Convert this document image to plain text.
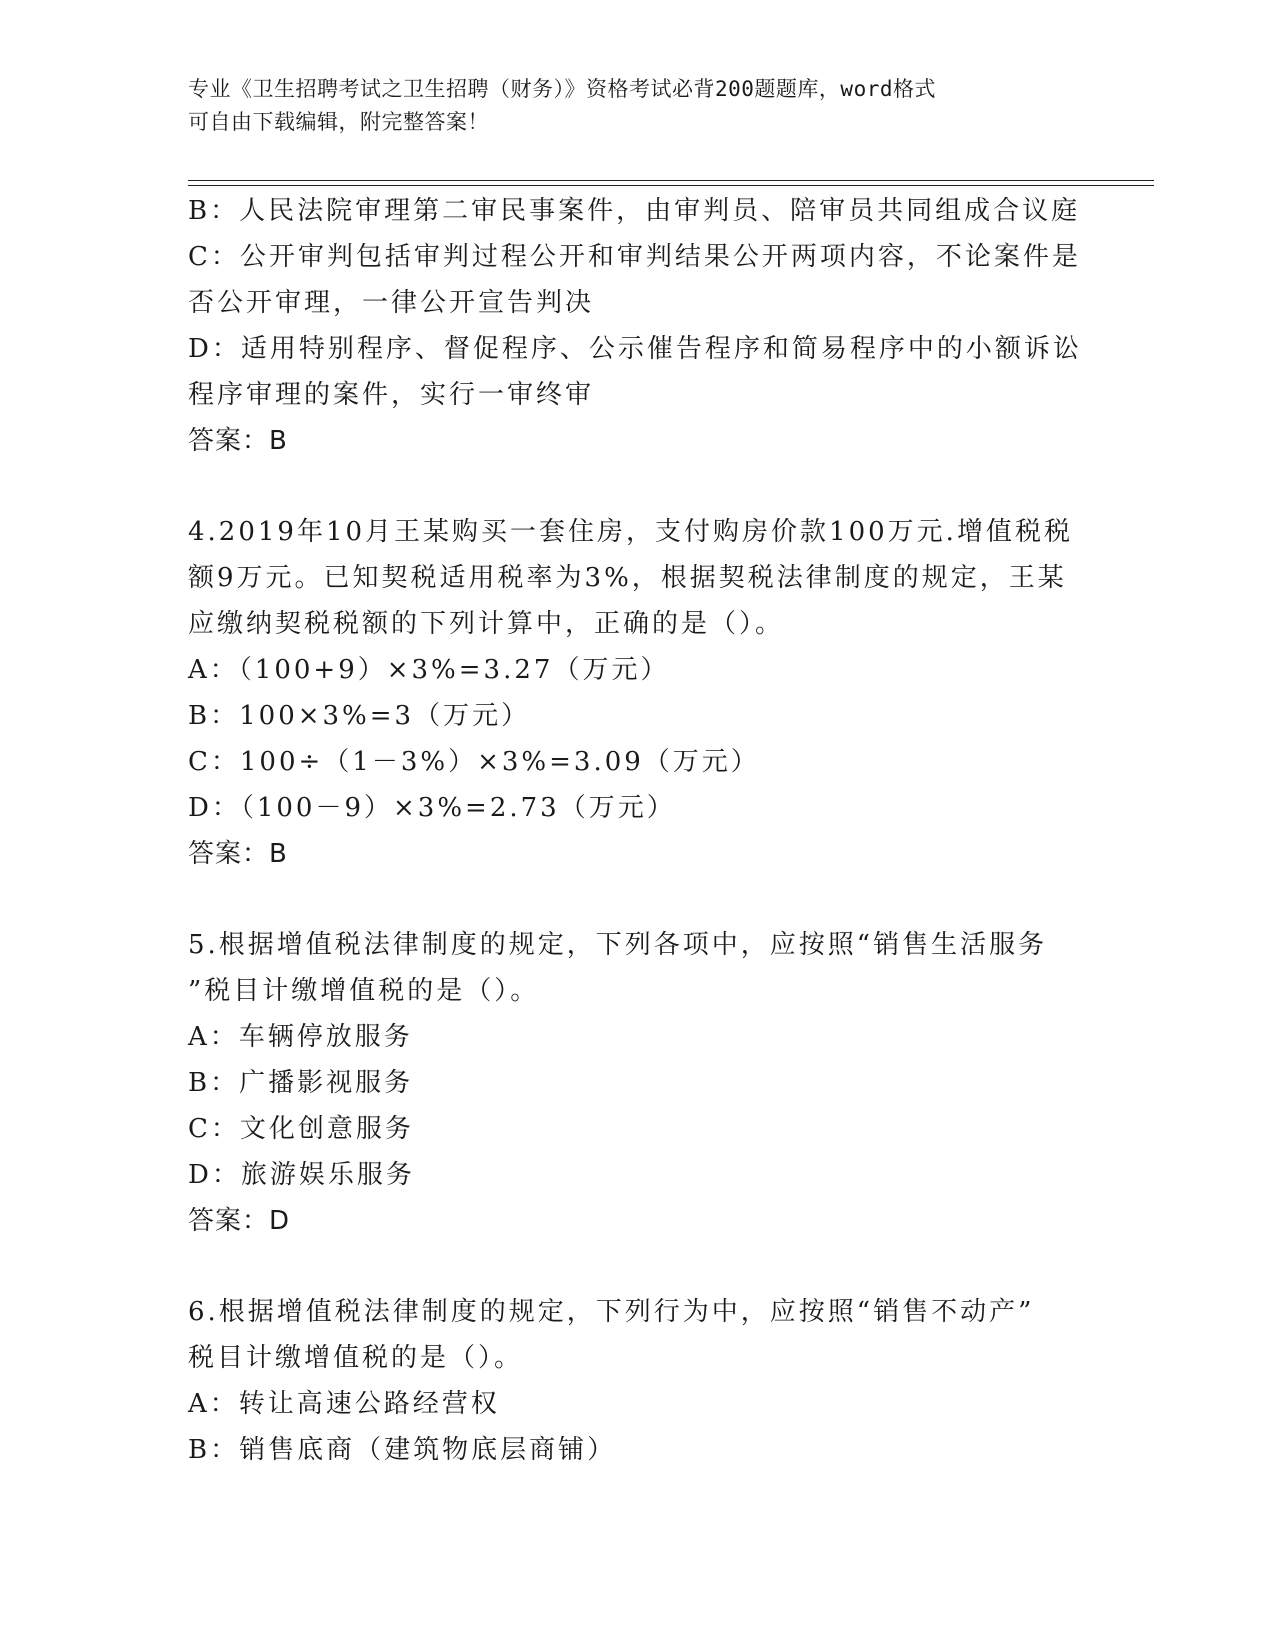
专业《卫生招聘考试之卫生招聘（财务）》资格考试必背200题题库，word格式
可自由下载编辑，附完整答案！

B：人民法院审理第二审民事案件，由审判员、陪审员共同组成合议庭

C：公开审判包括审判过程公开和审判结果公开两项内容，不论案件是

否公开审理，一律公开宣告判决

D：适用特别程序、督促程序、公示催告程序和简易程序中的小额诉讼

程序审理的案件，实行一审终审

答案：B

4.2019年10月王某购买一套住房，支付购房价款100万元.增值税税

额9万元。已知契税适用税率为3%，根据契税法律制度的规定，王某

应缴纳契税税额的下列计算中，正确的是（）。

A：（100+9）×3%=3.27（万元）

B：100×3%=3（万元）

C：100÷（1－3%）×3%=3.09（万元）

D：（100－9）×3%=2.73（万元）

答案：B

5.根据增值税法律制度的规定，下列各项中，应按照“销售生活服务

”税目计缴增值税的是（）。

A：车辆停放服务

B：广播影视服务

C：文化创意服务

D：旅游娱乐服务

答案：D

6.根据增值税法律制度的规定，下列行为中，应按照“销售不动产”

税目计缴增值税的是（）。

A：转让高速公路经营权

B：销售底商（建筑物底层商铺）
